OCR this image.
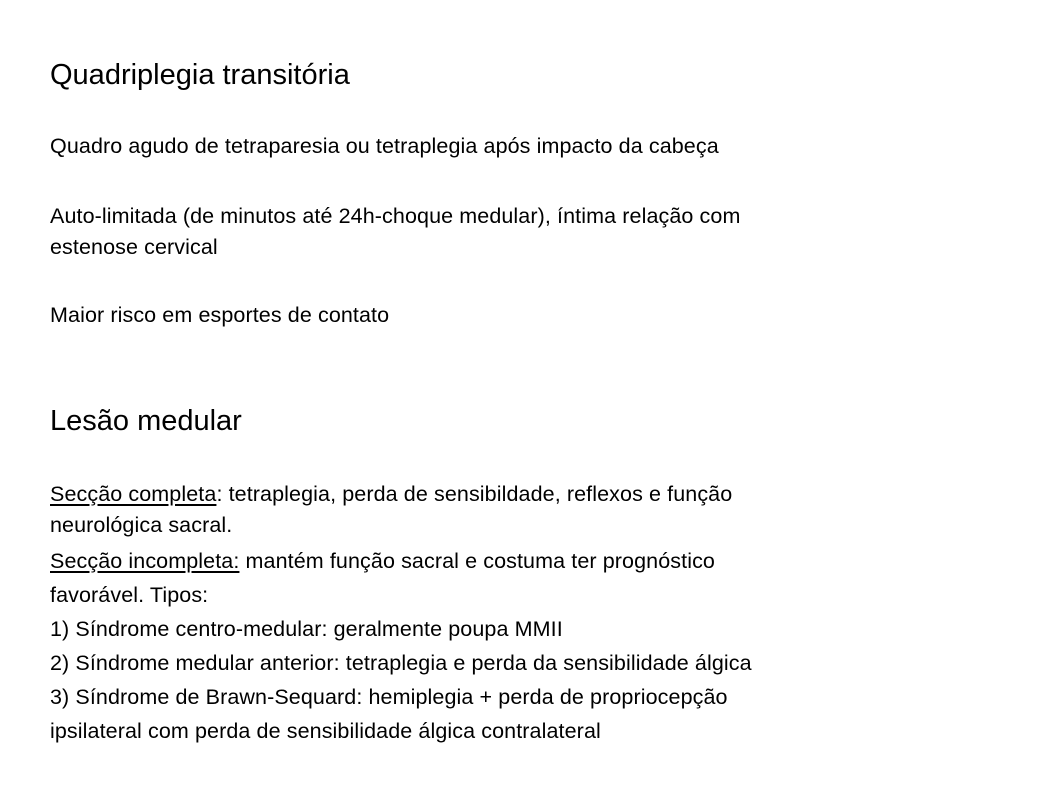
Quadriplegia transitória

Quadro agudo de tetraparesia ou tetraplegia após impacto da cabeça

Auto-limitada (de minutos até 24h-choque medular), íntima relação com

estenose cervical

Maior risco em esportes de contato

Lesão medular

Secção completa: tetraplegia, perda de sensibildade, reflexos e função

neurológica sacral.

Secção incompleta: mantém função sacral e costuma ter prognóstico

favorável. Tipos:

1) Síndrome centro-medular: geralmente poupa MMII

2) Síndrome medular anterior: tetraplegia e perda da sensibilidade álgica

3) Síndrome de Brawn-Sequard: hemiplegia + perda de propriocepção

ipsilateral com perda de sensibilidade álgica contralateral
